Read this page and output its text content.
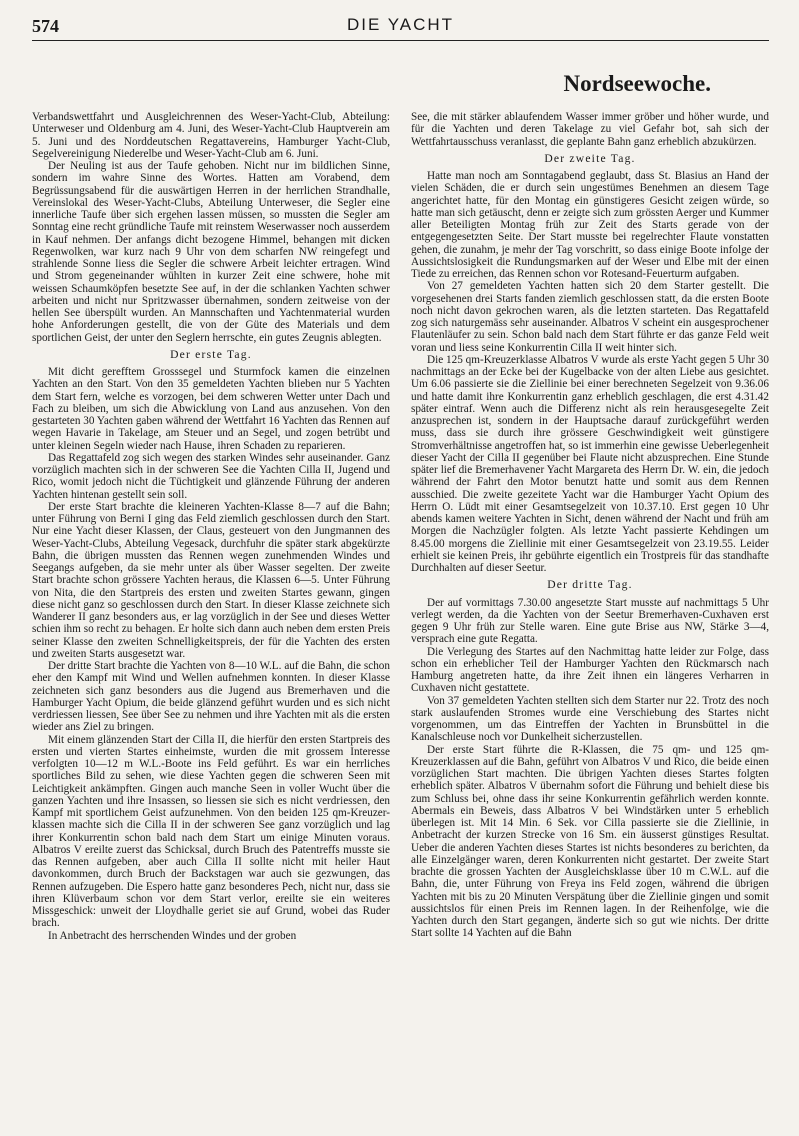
574	DIE YACHT
Nordseewoche.

Verbandswettfahrt und Ausgleichrennen des Weser-Yacht-Club, Abteilung: Unterweser und Oldenburg am 4. Juni, des Weser-Yacht-Club Hauptverein am 5. Juni und des Norddeutschen Regattavereins, Hamburger Yacht-Club, Segelvereinigung Niederelbe und Weser-Yacht-Club am 6. Juni.

Der Neuling ist aus der Taufe gehoben. Nicht nur im bildlichen Sinne, sondern im wahre Sinne des Wortes. Hatten am Vorabend, dem Begrüssungsabend für die auswärtigen Herren in der herrlichen Strandhalle, Vereinslokal des Weser-Yacht-Clubs, Abteilung Unterweser, die Segler eine innerliche Taufe über sich ergehen lassen müssen, so mussten die Segler am Sonntag eine recht gründliche Taufe mit reinstem Weserwasser noch ausserdem in Kauf nehmen. Der anfangs dicht bezogene Himmel, behangen mit dicken Regenwolken, war kurz nach 9 Uhr von dem scharfen NW reingefegt und strahlende Sonne liess die Segler die schwere Arbeit leichter ertragen. Wind und Strom gegeneinander wühlten in kurzer Zeit eine schwere, hohe mit weissen Schaumköpfen besetzte See auf, in der die schlanken Yachten schwer arbeiten und nicht nur Spritzwasser übernahmen, sondern zeitweise von der hellen See überspült wurden. An Mannschaften und Yachtenmaterial wurden hohe Anforderungen gestellt, die von der Güte des Materials und dem sportlichen Geist, der unter den Seglern herrschte, ein gutes Zeugnis ablegten.

Der erste Tag.

Mit dicht gerefftem Grosssegel und Sturmfock kamen die einzelnen Yachten an den Start. Von den 35 gemeldeten Yachten blieben nur 5 Yachten dem Start fern, welche es vorzogen, bei dem schweren Wetter unter Dach und Fach zu bleiben, um sich die Abwicklung von Land aus anzusehen. Von den gestarteten 30 Yachten gaben während der Wettfahrt 16 Yachten das Rennen auf wegen Havarie in Takelage, am Steuer und an Segel, und zogen betrübt und unter kleinen Segeln wieder nach Hause, ihren Schaden zu reparieren.

Das Regattafeld zog sich wegen des starken Windes sehr auseinander. Ganz vorzüglich machten sich in der schweren See die Yachten Cilla II, Jugend und Rico, womit jedoch nicht die Tüchtigkeit und glänzende Führung der anderen Yachten hintenan gestellt sein soll.

Der erste Start brachte die kleineren Yachten-Klasse 8—7 auf die Bahn; unter Führung von Berni I ging das Feld ziemlich geschlossen durch den Start. Nur eine Yacht dieser Klassen, der Claus, gesteuert von den Jungmannen des Weser-Yacht-Clubs, Abteilung Vegesack, durchfuhr die später stark abgekürzte Bahn, die übrigen mussten das Rennen wegen zunehmenden Windes und Seegangs aufgeben, da sie mehr unter als über Wasser segelten. Der zweite Start brachte schon grössere Yachten heraus, die Klassen 6—5. Unter Führung von Nita, die den Startpreis des ersten und zweiten Startes gewann, gingen diese nicht ganz so geschlossen durch den Start. In dieser Klasse zeichnete sich Wanderer II ganz besonders aus, er lag vorzüglich in der See und dieses Wetter schien ihm so recht zu behagen. Er holte sich dann auch neben dem ersten Preis seiner Klasse den zweiten Schnelligkeitspreis, der für die Yachten des ersten und zweiten Starts ausgesetzt war.

Der dritte Start brachte die Yachten von 8—10 W.L. auf die Bahn, die schon eher den Kampf mit Wind und Wellen aufnehmen konnten. In dieser Klasse zeichneten sich ganz besonders aus die Jugend aus Bremerhaven und die Hamburger Yacht Opium, die beide glänzend geführt wurden und es sich nicht verdriessen liessen, See über See zu nehmen und ihre Yachten mit als die ersten wieder ans Ziel zu bringen.

Mit einem glänzenden Start der Cilla II, die hierfür den ersten Startpreis des ersten und vierten Startes einheimste, wurden die mit grossem Interesse verfolgten 10—12 m W.L.-Boote ins Feld geführt. Es war ein herrliches sportliches Bild zu sehen, wie diese Yachten gegen die schweren Seen mit Leichtigkeit ankämpften. Gingen auch manche Seen in voller Wucht über die ganzen Yachten und ihre Insassen, so liessen sie sich es nicht verdriessen, den Kampf mit sportlichem Geist aufzunehmen. Von den beiden 125 qm-Kreuzer-klassen machte sich die Cilla II in der schweren See ganz vorzüglich und lag ihrer Konkurrentin schon bald nach dem Start um einige Minuten voraus. Albatros V ereilte zuerst das Schicksal, durch Bruch des Patentreffs musste sie das Rennen aufgeben, aber auch Cilla II sollte nicht mit heiler Haut davonkommen, durch Bruch der Backstagen war auch sie gezwungen, das Rennen aufzugeben. Die Espero hatte ganz besonderes Pech, nicht nur, dass sie ihren Klüverbaum schon vor dem Start verlor, ereilte sie ein weiteres Missgeschick: unweit der Lloydhalle geriet sie auf Grund, wobei das Ruder brach.

In Anbetracht des herrschenden Windes und der groben

See, die mit stärker ablaufendem Wasser immer gröber und höher wurde, und für die Yachten und deren Takelage zu viel Gefahr bot, sah sich der Wettfahrtausschuss veranlasst, die geplante Bahn ganz erheblich abzukürzen.

Der zweite Tag.

Hatte man noch am Sonntagabend geglaubt, dass St. Blasius an Hand der vielen Schäden, die er durch sein ungestümes Benehmen an diesem Tage angerichtet hatte, für den Montag ein günstigeres Gesicht zeigen würde, so hatte man sich getäuscht, denn er zeigte sich zum grössten Aerger und Kummer aller Beteiligten Montag früh zur Zeit des Starts gerade von der entgegengesetzten Seite. Der Start musste bei regelrechter Flaute vonstatten gehen, die zunahm, je mehr der Tag vorschritt, so dass einige Boote infolge der Aussichtslosigkeit die Rundungsmarken auf der Weser und Elbe mit der einen Tiede zu erreichen, das Rennen schon vor Rotesand-Feuerturm aufgaben.

Von 27 gemeldeten Yachten hatten sich 20 dem Starter gestellt. Die vorgesehenen drei Starts fanden ziemlich geschlossen statt, da die ersten Boote noch nicht davon gekrochen waren, als die letzten starteten. Das Regattafeld zog sich naturgemäss sehr auseinander. Albatros V scheint ein ausgesprochener Flautenläufer zu sein. Schon bald nach dem Start führte er das ganze Feld weit voran und liess seine Konkurrentin Cilla II weit hinter sich.

Die 125 qm-Kreuzerklasse Albatros V wurde als erste Yacht gegen 5 Uhr 30 nachmittags an der Ecke bei der Kugelbacke von der alten Liebe aus gesichtet. Um 6.06 passierte sie die Ziellinie bei einer berechneten Segelzeit von 9.36.06 und hatte damit ihre Konkurrentin ganz erheblich geschlagen, die erst 4.31.42 später eintraf. Wenn auch die Differenz nicht als rein herausgesegelte Zeit anzusprechen ist, sondern in der Hauptsache darauf zurückgeführt werden muss, dass sie durch ihre grössere Geschwindigkeit weit günstigere Stromverhältnisse angetroffen hat, so ist immerhin eine gewisse Ueberlegenheit dieser Yacht der Cilla II gegenüber bei Flaute nicht abzusprechen. Eine Stunde später lief die Bremerhavener Yacht Margareta des Herrn Dr. W. ein, die jedoch während der Fahrt den Motor benutzt hatte und somit aus dem Rennen ausschied. Die zweite gezeitete Yacht war die Hamburger Yacht Opium des Herrn O. Lüdt mit einer Gesamtsegelzeit von 10.37.10. Erst gegen 10 Uhr abends kamen weitere Yachten in Sicht, denen während der Nacht und früh am Morgen die Nachzügler folgten. Als letzte Yacht passierte Kehdingen um 8.45.00 morgens die Ziellinie mit einer Gesamtsegelzeit von 23.19.55. Leider erhielt sie keinen Preis, ihr gebührte eigentlich ein Trostpreis für das standhafte Durchhalten auf dieser Seetur.

Der dritte Tag.

Der auf vormittags 7.30.00 angesetzte Start musste auf nachmittags 5 Uhr verlegt werden, da die Yachten von der Seetur Bremerhaven-Cuxhaven erst gegen 9 Uhr früh zur Stelle waren. Eine gute Brise aus NW, Stärke 3—4, versprach eine gute Regatta.

Die Verlegung des Startes auf den Nachmittag hatte leider zur Folge, dass schon ein erheblicher Teil der Hamburger Yachten den Rückmarsch nach Hamburg angetreten hatte, da ihre Zeit ihnen ein längeres Verharren in Cuxhaven nicht gestattete.

Von 37 gemeldeten Yachten stellten sich dem Starter nur 22. Trotz des noch stark auslaufenden Stromes wurde eine Verschiebung des Startes nicht vorgenommen, um das Eintreffen der Yachten in Brunsbüttel in die Kanalschleuse noch vor Dunkelheit sicherzustellen.

Der erste Start führte die R-Klassen, die 75 qm- und 125 qm-Kreuzerklassen auf die Bahn, geführt von Albatros V und Rico, die beide einen vorzüglichen Start machten. Die übrigen Yachten dieses Startes folgten erheblich später. Albatros V übernahm sofort die Führung und behielt diese bis zum Schluss bei, ohne dass ihr seine Konkurrentin gefährlich werden konnte. Abermals ein Beweis, dass Albatros V bei Windstärken unter 5 erheblich überlegen ist. Mit 14 Min. 6 Sek. vor Cilla passierte sie die Ziellinie, in Anbetracht der kurzen Strecke von 16 Sm. ein äusserst günstiges Resultat. Ueber die anderen Yachten dieses Startes ist nichts besonderes zu berichten, da alle Einzelgänger waren, deren Konkurrenten nicht gestartet. Der zweite Start brachte die grossen Yachten der Ausgleichsklasse über 10 m C.W.L. auf die Bahn, die, unter Führung von Freya ins Feld zogen, während die übrigen Yachten mit bis zu 20 Minuten Verspätung über die Ziellinie gingen und somit aussichtslos für einen Preis im Rennen lagen. In der Reihenfolge, wie die Yachten durch den Start gegangen, änderte sich so gut wie nichts. Der dritte Start sollte 14 Yachten auf die Bahn
